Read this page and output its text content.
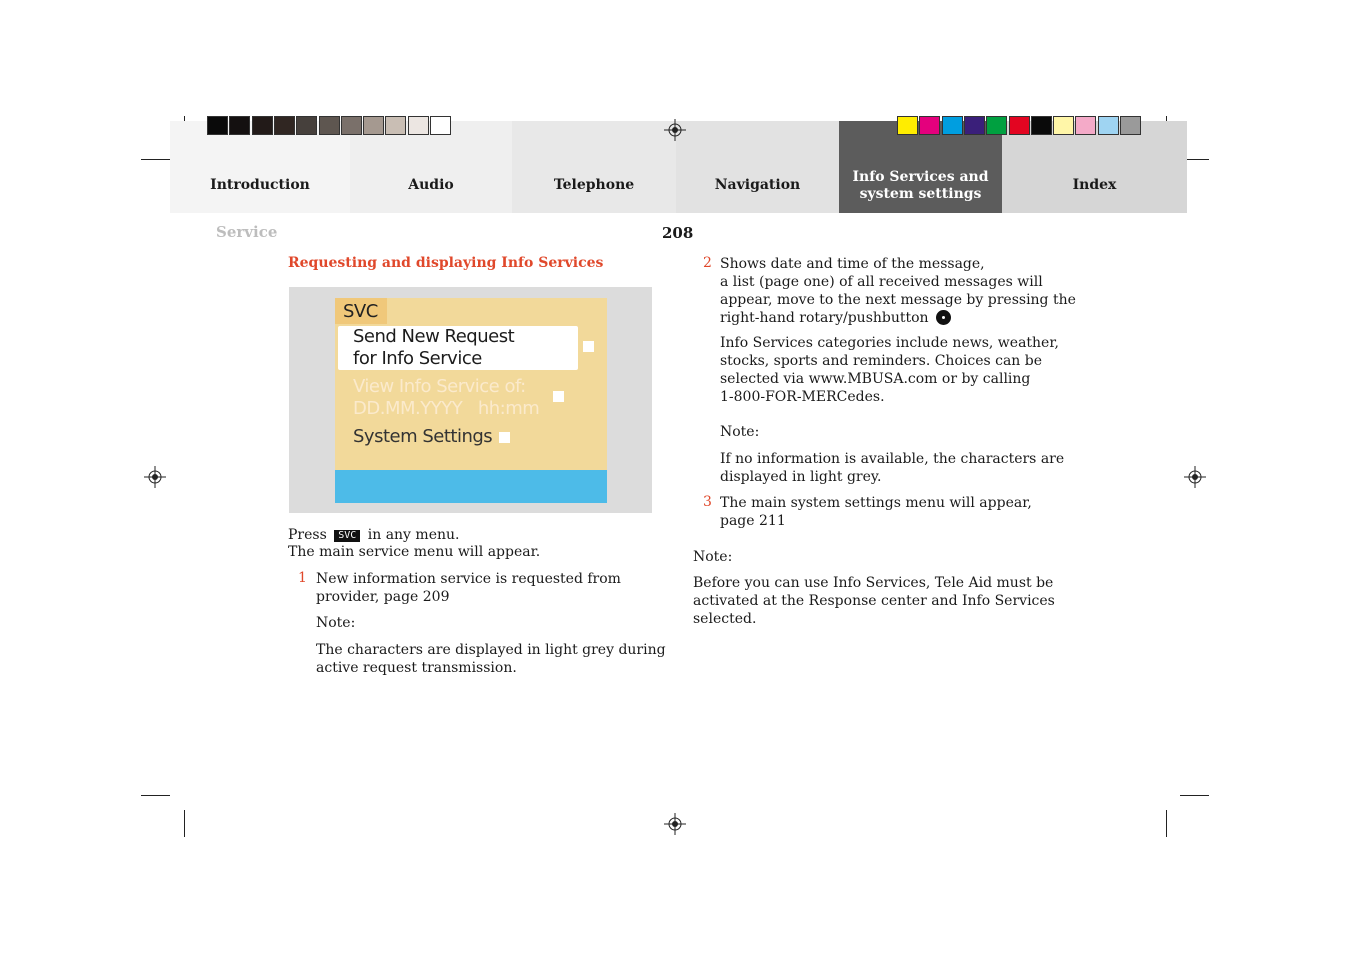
Introduction	Audio	Telephone	Navigation	Info Services and
system settings
Index
Service	208
Requesting and displaying Info Services
SVC
Send New Request
for Info Service
View Info Service of:
DD.MM.YYYY   hh:mm
System Settings
Press SVC in any menu.
The main service menu will appear.
1 New information service is requested from
provider, page 209
Note:
The characters are displayed in light grey during
active request transmission.
2 Shows date and time of the message,
a list (page one) of all received messages will
appear, move to the next message by pressing the
right-hand rotary/pushbutton
Info Services categories include news, weather,
stocks, sports and reminders. Choices can be
selected via www.MBUSA.com or by calling
1-800-FOR-MERCedes.
Note:
If no information is available, the characters are
displayed in light grey.
3 The main system settings menu will appear,
page 211
Note:
Before you can use Info Services, Tele Aid must be
activated at the Response center and Info Services
selected.
